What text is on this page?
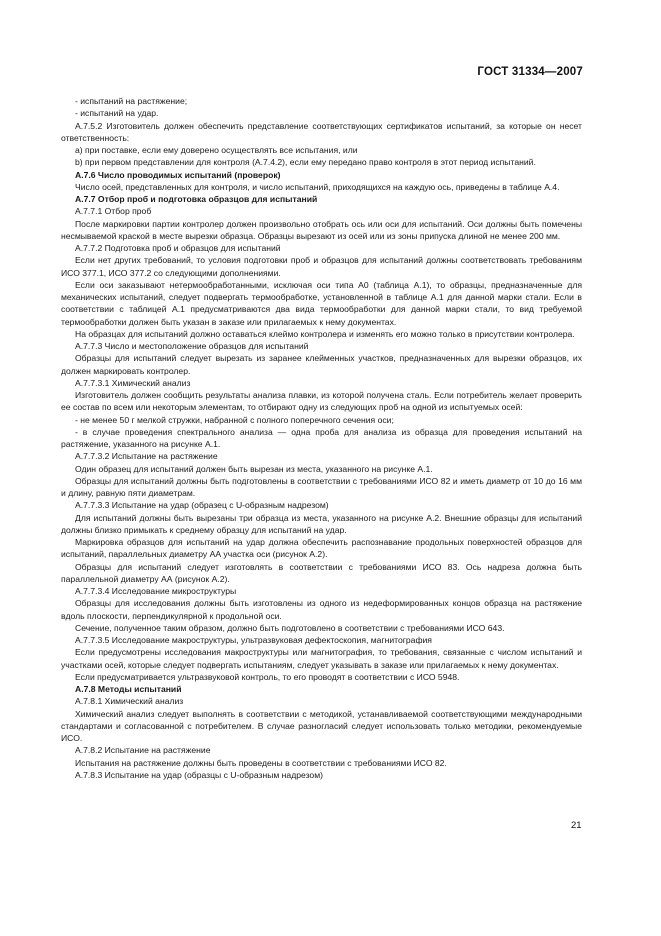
ГОСТ 31334—2007

- испытаний на растяжение;

- испытаний на удар.

А.7.5.2 Изготовитель должен обеспечить представление соответствующих сертификатов испытаний, за которые он несет ответственность:

a) при поставке, если ему доверено осуществлять все испытания, или

b) при первом представлении для контроля (А.7.4.2), если ему передано право контроля в этот период испытаний.

А.7.6 Число проводимых испытаний (проверок)

Число осей, представленных для контроля, и число испытаний, приходящихся на каждую ось, приведены в таблице А.4.

А.7.7 Отбор проб и подготовка образцов для испытаний

А.7.7.1 Отбор проб

После маркировки партии контролер должен произвольно отобрать ось или оси для испытаний. Оси должны быть помечены несмываемой краской в месте вырезки образца. Образцы вырезают из осей или из зоны припуска длиной не менее 200 мм.

А.7.7.2 Подготовка проб и образцов для испытаний

Если нет других требований, то условия подготовки проб и образцов для испытаний должны соответствовать требованиям ИСО 377.1, ИСО 377.2 со следующими дополнениями.

Если оси заказывают нетермообработанными, исключая оси типа А0 (таблица А.1), то образцы, предназначенные для механических испытаний, следует подвергать термообработке, установленной в таблице А.1 для данной марки стали. Если в соответствии с таблицей А.1 предусматриваются два вида термообработки для данной марки стали, то вид требуемой термообработки должен быть указан в заказе или прилагаемых к нему документах.

На образцах для испытаний должно оставаться клеймо контролера и изменять его можно только в присутствии контролера.

А.7.7.3 Число и местоположение образцов для испытаний

Образцы для испытаний следует вырезать из заранее клейменных участков, предназначенных для вырезки образцов, их должен маркировать контролер.

А.7.7.3.1 Химический анализ

Изготовитель должен сообщить результаты анализа плавки, из которой получена сталь. Если потребитель желает проверить ее состав по всем или некоторым элементам, то отбирают одну из следующих проб на одной из испытуемых осей:

- не менее 50 г мелкой стружки, набранной с полного поперечного сечения оси;

- в случае проведения спектрального анализа — одна проба для анализа из образца для проведения испытаний на растяжение, указанного на рисунке А.1.

А.7.7.3.2 Испытание на растяжение

Один образец для испытаний должен быть вырезан из места, указанного на рисунке А.1.

Образцы для испытаний должны быть подготовлены в соответствии с требованиями ИСО 82 и иметь диаметр от 10 до 16 мм и длину, равную пяти диаметрам.

А.7.7.3.3 Испытание на удар (образец с U-образным надрезом)

Для испытаний должны быть вырезаны три образца из места, указанного на рисунке А.2. Внешние образцы для испытаний должны близко примыкать к среднему образцу для испытаний на удар.

Маркировка образцов для испытаний на удар должна обеспечить распознавание продольных поверхностей образцов для испытаний, параллельных диаметру АА участка оси (рисунок А.2).

Образцы для испытаний следует изготовлять в соответствии с требованиями ИСО 83. Ось надреза должна быть параллельной диаметру АА (рисунок А.2).

А.7.7.3.4 Исследование микроструктуры

Образцы для исследования должны быть изготовлены из одного из недеформированных концов образца на растяжение вдоль плоскости, перпендикулярной к продольной оси.

Сечение, полученное таким образом, должно быть подготовлено в соответствии с требованиями ИСО 643.

А.7.7.3.5 Исследование макроструктуры, ультразвуковая дефектоскопия, магнитография

Если предусмотрены исследования макроструктуры или магнитография, то требования, связанные с числом испытаний и участками осей, которые следует подвергать испытаниям, следует указывать в заказе или прилагаемых к нему документах.

Если предусматривается ультразвуковой контроль, то его проводят в соответствии с ИСО 5948.

А.7.8 Методы испытаний

А.7.8.1 Химический анализ

Химический анализ следует выполнять в соответствии с методикой, устанавливаемой соответствующими международными стандартами и согласованной с потребителем. В случае разногласий следует использовать только методики, рекомендуемые ИСО.

А.7.8.2 Испытание на растяжение

Испытания на растяжение должны быть проведены в соответствии с требованиями ИСО 82.

А.7.8.3 Испытание на удар (образцы с U-образным надрезом)

21
